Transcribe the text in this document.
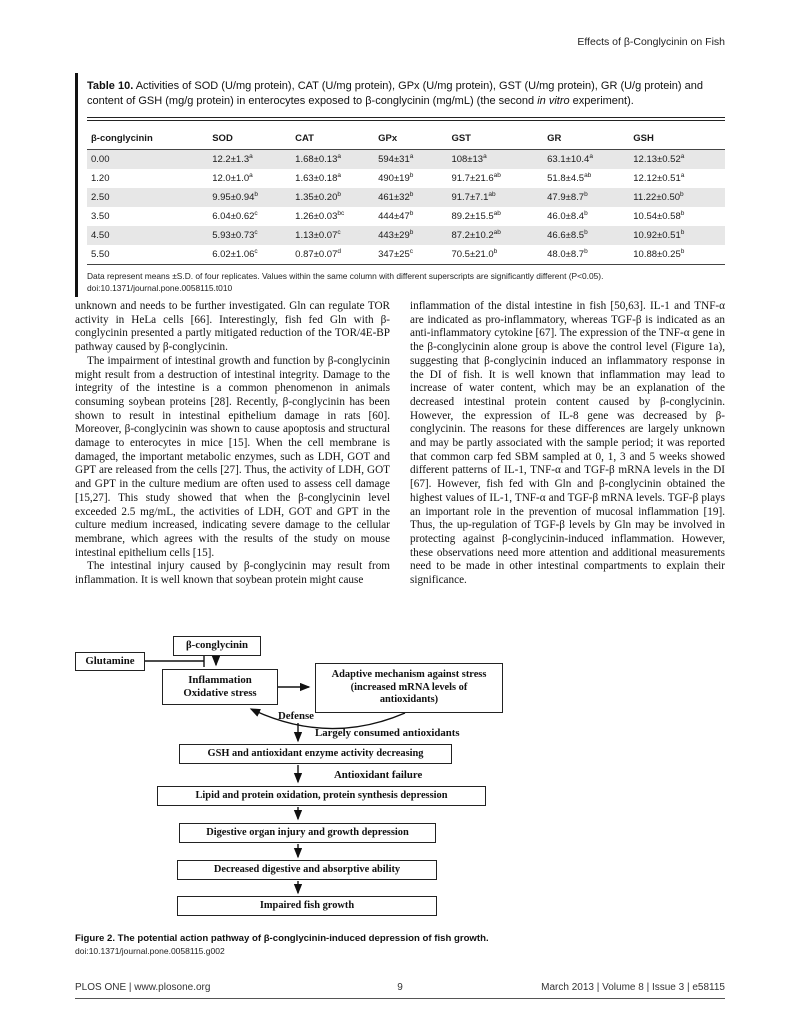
Effects of β-Conglycinin on Fish
Table 10. Activities of SOD (U/mg protein), CAT (U/mg protein), GPx (U/mg protein), GST (U/mg protein), GR (U/g protein) and content of GSH (mg/g protein) in enterocytes exposed to β-conglycinin (mg/mL) (the second in vitro experiment).
β-conglycinin	SOD	CAT	GPx	GST	GR	GSH
0.00	12.2±1.3$^a$	1.68±0.13$^a$	$594\pm 31^a$	$108\pm 13^a$	63.1±10.4$^a$	12.13±0.52$^a$
1.20	12.0±1.0$^a$	1.63±0.18$^a$	$490\pm 19^b$	91.7±21.6$^{ab}$	51.8±4.5$^{ab}$	12.12±0.51$^a$
2.50	9.95±0.94$^b$	1.35±0.20$^b$	$461\pm 32^b$	91.7±7.1$^{ab}$	47.9±8.7$^b$	11.22±0.50$^b$
3.50	6.04±0.62$^c$	1.26±0.03$^{bc}$	$444\pm 47^b$	89.2±15.5$^{ab}$	46.0±8.4$^b$	10.54±0.58$^b$
4.50	5.93±0.73$^c$	1.13±0.07$^c$	$443\pm 29^b$	87.2±10.2$^{ab}$	46.6±8.5$^b$	10.92±0.51$^b$
5.50	6.02±1.06$^c$	0.87±0.07$^d$	$347\pm 25^c$	70.5±21.0$^b$	48.0±8.7$^b$	10.88±0.25$^b$
Data represent means ±S.D. of four replicates. Values within the same column with different superscripts are significantly different (P<0.05).
doi:10.1371/journal.pone.0058115.t010

unknown and needs to be further investigated. Gln can regulate TOR activity in HeLa cells [66]. Interestingly, fish fed Gln with β-conglycinin presented a partly mitigated reduction of the TOR/4E-BP pathway caused by β-conglycinin.

The impairment of intestinal growth and function by β-conglycinin might result from a destruction of intestinal integrity. Damage to the integrity of the intestine is a common phenomenon in animals consuming soybean proteins [28]. Recently, β-conglycinin has been shown to result in intestinal epithelium damage in rats [60]. Moreover, β-conglycinin was shown to cause apoptosis and structural damage to enterocytes in mice [15]. When the cell membrane is damaged, the important metabolic enzymes, such as LDH, GOT and GPT are released from the cells [27]. Thus, the activity of LDH, GOT and GPT in the culture medium are often used to assess cell damage [15,27]. This study showed that when the β-conglycinin level exceeded 2.5 mg/mL, the activities of LDH, GOT and GPT in the culture medium increased, indicating severe damage to the cellular membrane, which agrees with the results of the study on mouse intestinal epithelium cells [15].

The intestinal injury caused by β-conglycinin may result from inflammation. It is well known that soybean protein might cause

inflammation of the distal intestine in fish [50,63]. IL-1 and TNF-α are indicated as pro-inflammatory, whereas TGF-β is indicated as an anti-inflammatory cytokine [67]. The expression of the TNF-α gene in the β-conglycinin alone group is above the control level (Figure 1a), suggesting that β-conglycinin induced an inflammatory response in the DI of fish. It is well known that inflammation may lead to increase of water content, which may be an explanation of the decreased intestinal protein content caused by β-conglycinin. However, the expression of IL-8 gene was decreased by β-conglycinin. The reasons for these differences are largely unknown and may be partly associated with the sample period; it was reported that common carp fed SBM sampled at 0, 1, 3 and 5 weeks showed different patterns of IL-1, TNF-α and TGF-β mRNA levels in the DI [67]. However, fish fed with Gln and β-conglycinin obtained the highest values of IL-1, TNF-α and TGF-β mRNA levels. TGF-β plays an important role in the prevention of mucosal inflammation [19]. Thus, the up-regulation of TGF-β levels by Gln may be involved in protecting against β-conglycinin-induced inflammation. However, these observations need more attention and additional measurements need to be made in other intestinal compartments to explain their significance.

β-conglycinin
Glutamine
Inflammation
Oxidative stress
Adaptive mechanism against stress
(increased mRNA levels of
antioxidants)
Defense
Largely consumed antioxidants
GSH and antioxidant enzyme activity decreasing
Antioxidant failure
Lipid and protein oxidation, protein synthesis depression
Digestive organ injury and growth depression
Decreased digestive and absorptive ability
Impaired fish growth
Figure 2. The potential action pathway of β-conglycinin-induced depression of fish growth.
doi:10.1371/journal.pone.0058115.g002
PLOS ONE | www.plosone.org	9	March 2013 | Volume 8 | Issue 3 | e58115
